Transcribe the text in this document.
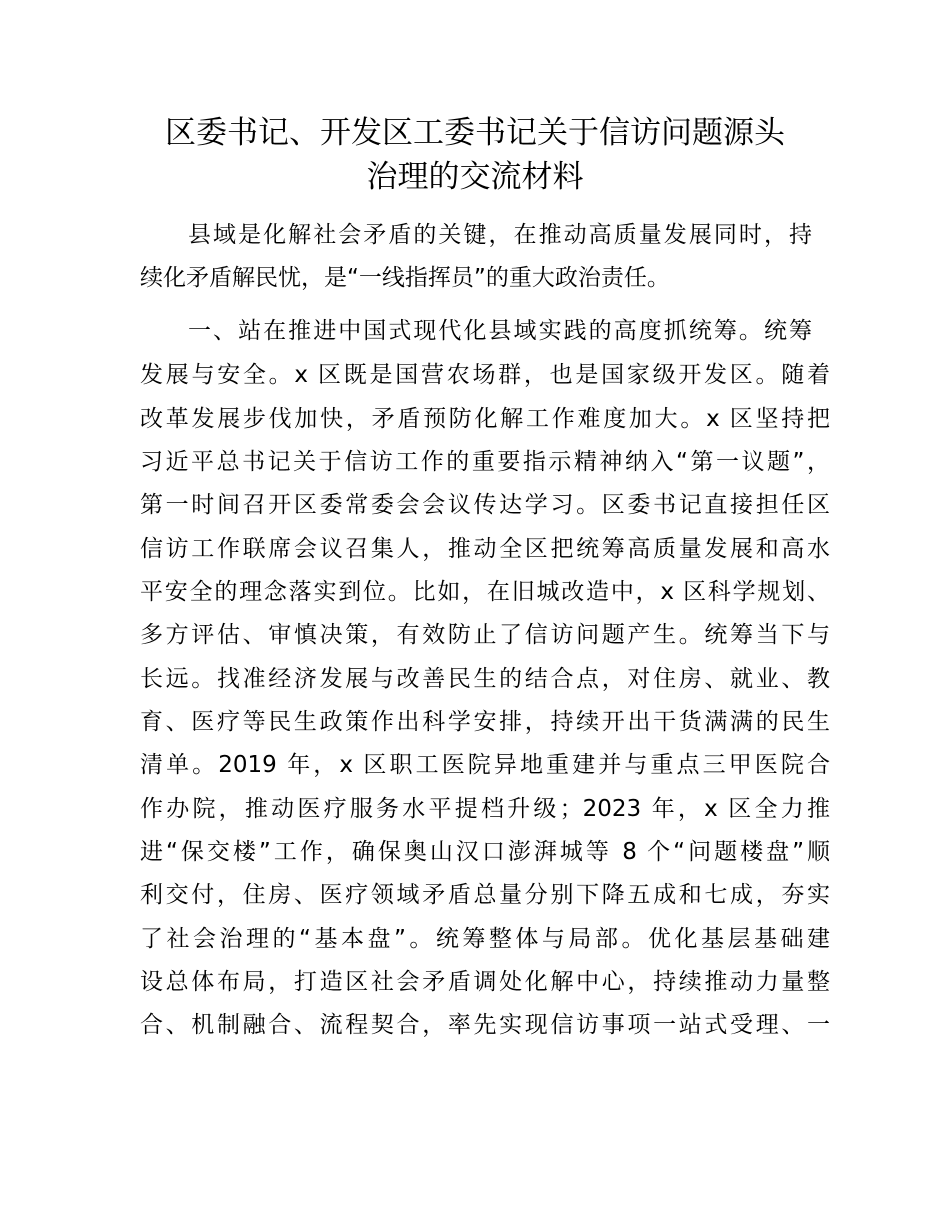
区委书记、开发区工委书记关于信访问题源头
治理的交流材料
县域是化解社会矛盾的关键，在推动高质量发展同时，持
续化矛盾解民忧，是“一线指挥员”的重大政治责任。
一、站在推进中国式现代化县域实践的高度抓统筹。统筹
发展与安全。x 区既是国营农场群，也是国家级开发区。随着
改革发展步伐加快，矛盾预防化解工作难度加大。x 区坚持把
习近平总书记关于信访工作的重要指示精神纳入“第一议题”，
第一时间召开区委常委会会议传达学习。区委书记直接担任区
信访工作联席会议召集人，推动全区把统筹高质量发展和高水
平安全的理念落实到位。比如，在旧城改造中，x 区科学规划、
多方评估、审慎决策，有效防止了信访问题产生。统筹当下与
长远。找准经济发展与改善民生的结合点，对住房、就业、教
育、医疗等民生政策作出科学安排，持续开出干货满满的民生
清单。2019 年，x 区职工医院异地重建并与重点三甲医院合
作办院，推动医疗服务水平提档升级；2023 年，x 区全力推
进“保交楼”工作，确保奥山汉口澎湃城等 8 个“问题楼盘”顺
利交付，住房、医疗领域矛盾总量分别下降五成和七成，夯实
了社会治理的“基本盘”。统筹整体与局部。优化基层基础建
设总体布局，打造区社会矛盾调处化解中心，持续推动力量整
合、机制融合、流程契合，率先实现信访事项一站式受理、一
